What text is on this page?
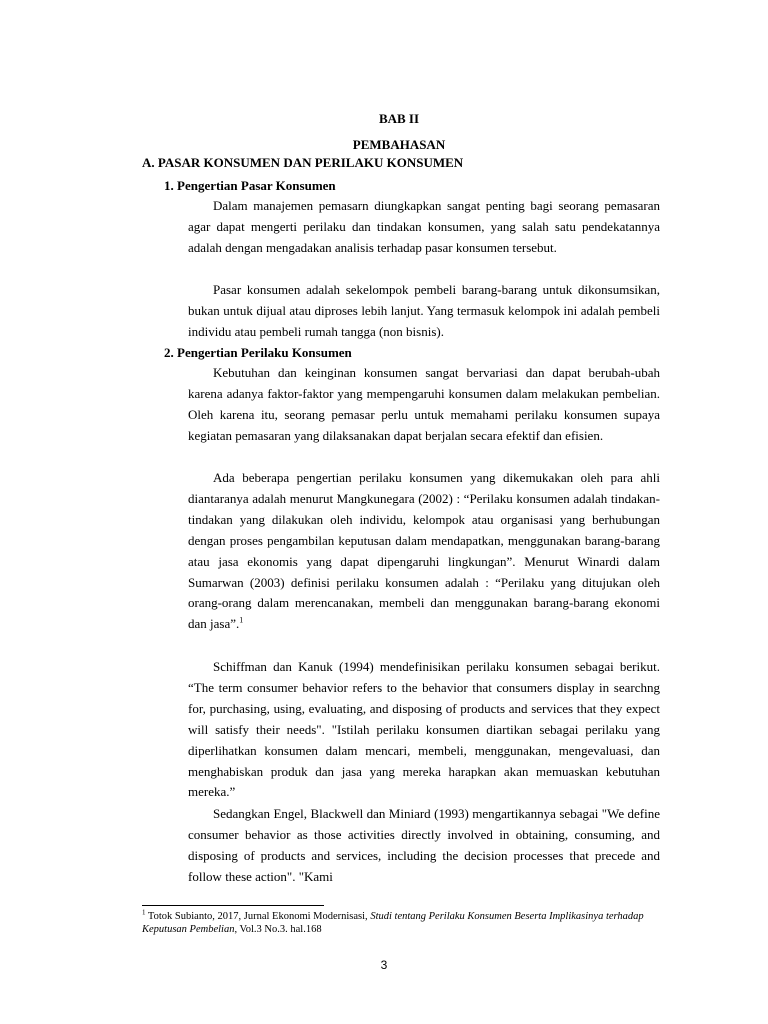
BAB II
PEMBAHASAN
A. PASAR KONSUMEN DAN PERILAKU KONSUMEN
1. Pengertian Pasar Konsumen

Dalam manajemen pemasarn diungkapkan sangat penting bagi seorang pemasaran agar dapat mengerti perilaku dan tindakan konsumen, yang salah satu pendekatannya adalah dengan mengadakan analisis terhadap pasar konsumen tersebut.

Pasar konsumen adalah sekelompok pembeli barang-barang untuk dikonsumsikan, bukan untuk dijual atau diproses lebih lanjut. Yang termasuk kelompok ini adalah pembeli individu atau pembeli rumah tangga (non bisnis).

2. Pengertian Perilaku Konsumen

Kebutuhan dan keinginan konsumen sangat bervariasi dan dapat berubah-ubah karena adanya faktor-faktor yang mempengaruhi konsumen dalam melakukan pembelian. Oleh karena itu, seorang pemasar perlu untuk memahami perilaku konsumen supaya kegiatan pemasaran yang dilaksanakan dapat berjalan secara efektif dan efisien.

Ada beberapa pengertian perilaku konsumen yang dikemukakan oleh para ahli diantaranya adalah menurut Mangkunegara (2002) : “Perilaku konsumen adalah tindakan-tindakan yang dilakukan oleh individu, kelompok atau organisasi yang berhubungan dengan proses pengambilan keputusan dalam mendapatkan, menggunakan barang-barang atau jasa ekonomis yang dapat dipengaruhi lingkungan”. Menurut Winardi dalam Sumarwan (2003) definisi perilaku konsumen adalah : “Perilaku yang ditujukan oleh orang-orang dalam merencanakan, membeli dan menggunakan barang-barang ekonomi dan jasa”.$^1$

Schiffman dan Kanuk (1994) mendefinisikan perilaku konsumen sebagai berikut. “The term consumer behavior refers to the behavior that consumers display in searchng for, purchasing, using, evaluating, and disposing of products and services that they expect will satisfy their needs". "Istilah perilaku konsumen diartikan sebagai perilaku yang diperlihatkan konsumen dalam mencari, membeli, menggunakan, mengevaluasi, dan menghabiskan produk dan jasa yang mereka harapkan akan memuaskan kebutuhan mereka.”

Sedangkan Engel, Blackwell dan Miniard (1993) mengartikannya sebagai "We define consumer behavior as those activities directly involved in obtaining, consuming, and disposing of products and services, including the decision processes that precede and follow these action". "Kami

$^1$ Totok Subianto, 2017, Jurnal Ekonomi Modernisasi, Studi tentang Perilaku Konsumen Beserta Implikasinya terhadap Keputusan Pembelian, Vol.3 No.3. hal.168

3
